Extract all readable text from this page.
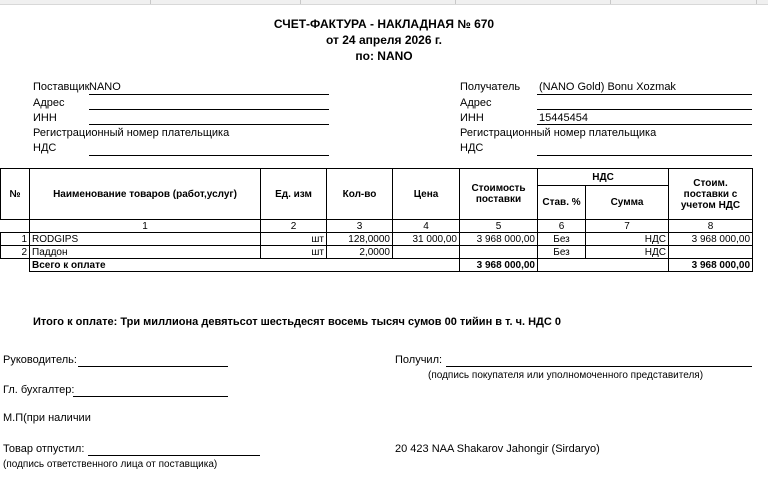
СЧЕТ-ФАКТУРА - НАКЛАДНАЯ № 670
от 24 апреля 2026 г.
по: NANO
Поставщик NANO
Адрес
ИНН
Регистрационный номер плательщика
НДС
Получатель (NANO Gold) Bonu Xozmak
Адрес
ИНН	15445454
Регистрационный номер плательщика
НДС
№	Наименование товаров (работ,услуг)	Ед. изм	Кол-во	Цена	Стоимость поставки	НДС		Стоим. поставки с учетом НДС
						Став. %	Сумма	
	1	2	3	4	5	6	7	8
1	RODGIPS	шт	128,0000	31 000,00	3 968 000,00	Без	НДС	3 968 000,00
2	Паддон	шт	2,0000			Без	НДС	
	Всего к оплате				3 968 000,00			3 968 000,00
Итого к оплате: Три миллиона девятьсот шестьдесят восемь тысяч сумов 00 тийин в т. ч. НДС 0
Руководитель:	Получил:
(подпись покупателя или уполномоченного представителя)
Гл. бухгалтер:
М.П(при наличии
Товар отпустил:
(подпись ответственного лица от поставщика)
20 423 NAA Shakarov Jahongir (Sirdaryo)
